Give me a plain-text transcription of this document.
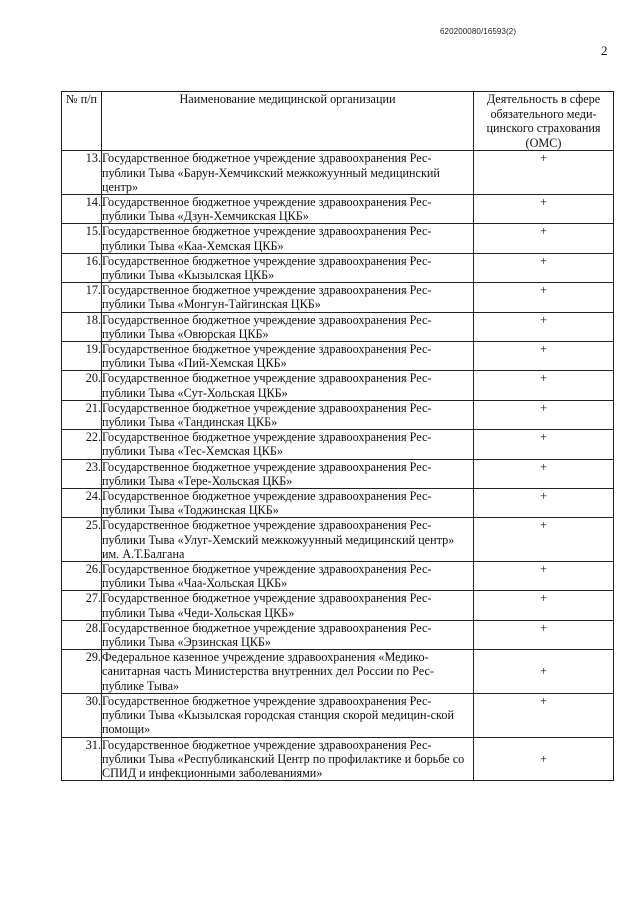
620200080/16593(2)
2
№ п/п	Наименование медицинской организации	Деятельность в сфере обязательного меди-цинского страхования (ОМС)
13.	Государственное бюджетное учреждение здравоохранения Рес-публики Тыва «Барун-Хемчикский межкожуунный медицинский центр»	+
14.	Государственное бюджетное учреждение здравоохранения Рес-публики Тыва «Дзун-Хемчикская ЦКБ»	+
15.	Государственное бюджетное учреждение здравоохранения Рес-публики Тыва «Каа-Хемская ЦКБ»	+
16.	Государственное бюджетное учреждение здравоохранения Рес-публики Тыва «Кызылская ЦКБ»	+
17.	Государственное бюджетное учреждение здравоохранения Рес-публики Тыва «Монгун-Тайгинская ЦКБ»	+
18.	Государственное бюджетное учреждение здравоохранения Рес-публики Тыва «Овюрская ЦКБ»	+
19.	Государственное бюджетное учреждение здравоохранения Рес-публики Тыва «Пий-Хемская ЦКБ»	+
20.	Государственное бюджетное учреждение здравоохранения Рес-публики Тыва «Сут-Хольская ЦКБ»	+
21.	Государственное бюджетное учреждение здравоохранения Рес-публики Тыва «Тандинская ЦКБ»	+
22.	Государственное бюджетное учреждение здравоохранения Рес-публики Тыва «Тес-Хемская ЦКБ»	+
23.	Государственное бюджетное учреждение здравоохранения Рес-публики Тыва «Тере-Хольская ЦКБ»	+
24.	Государственное бюджетное учреждение здравоохранения Рес-публики Тыва «Тоджинская ЦКБ»	+
25.	Государственное бюджетное учреждение здравоохранения Рес-публики Тыва «Улуг-Хемский межкожуунный медицинский центр» им. А.Т.Балгана	+
26.	Государственное бюджетное учреждение здравоохранения Рес-публики Тыва «Чаа-Хольская ЦКБ»	+
27.	Государственное бюджетное учреждение здравоохранения Рес-публики Тыва «Чеди-Хольская ЦКБ»	+
28.	Государственное бюджетное учреждение здравоохранения Рес-публики Тыва «Эрзинская ЦКБ»	+
29.	Федеральное казенное учреждение здравоохранения «Медико-санитарная часть Министерства внутренних дел России по Рес-публике Тыва»	+
30.	Государственное бюджетное учреждение здравоохранения Рес-публики Тыва «Кызылская городская станция скорой медицин-ской помощи»	+
31.	Государственное бюджетное учреждение здравоохранения Рес-публики Тыва «Республиканский Центр по профилактике и борьбе со СПИД и инфекционными заболеваниями»	+
